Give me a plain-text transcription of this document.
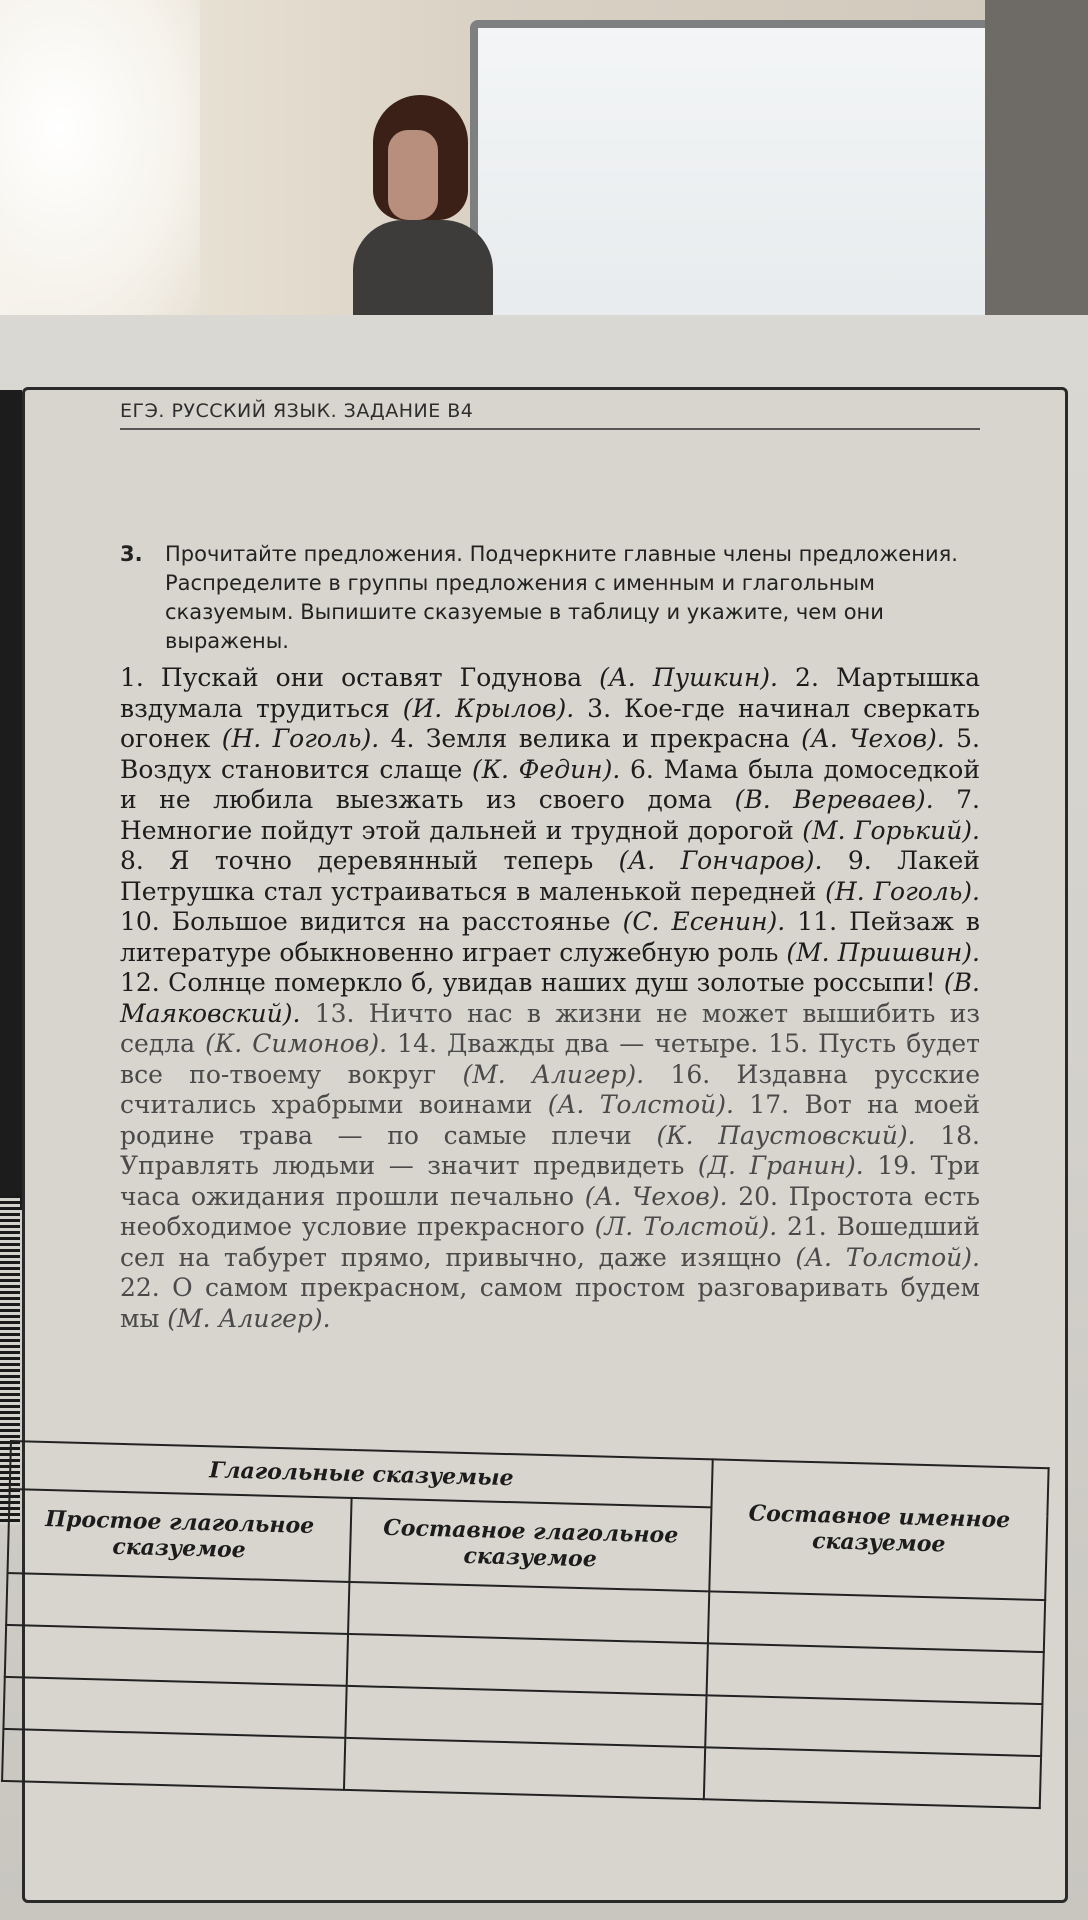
ЕГЭ. РУССКИЙ ЯЗЫК. ЗАДАНИЕ В4
3. Прочитайте предложения. Подчеркните главные члены предложения. Распределите в группы предложения с именным и глагольным сказуемым. Выпишите сказуемые в таблицу и укажите, чем они выражены.
1. Пускай они оставят Годунова (А. Пушкин). 2. Мартышка вздумала трудиться (И. Крылов). 3. Кое-где начинал сверкать огонек (Н. Гоголь). 4. Земля велика и прекрасна (А. Чехов). 5. Воздух становится слаще (К. Федин). 6. Мама была домоседкой и не любила выезжать из своего дома (В. Вереваев). 7. Немногие пойдут этой дальней и трудной дорогой (М. Горький). 8. Я точно деревянный теперь (А. Гончаров). 9. Лакей Петрушка стал устраиваться в маленькой передней (Н. Гоголь). 10. Большое видится на расстоянье (С. Есенин). 11. Пейзаж в литературе обыкновенно играет служебную роль (М. Пришвин). 12. Солнце померкло б, увидав наших душ золотые россыпи! (В. Маяковский). 13. Ничто нас в жизни не может вышибить из седла (К. Симонов). 14. Дважды два — четыре. 15. Пусть будет все по-твоему вокруг (М. Алигер). 16. Издавна русские считались храбрыми воинами (А. Толстой). 17. Вот на моей родине трава — по самые плечи (К. Паустовский). 18. Управлять людьми — значит предвидеть (Д. Гранин). 19. Три часа ожидания прошли печально (А. Чехов). 20. Простота есть необходимое условие прекрасного (Л. Толстой). 21. Вошедший сел на табурет прямо, привычно, даже изящно (А. Толстой). 22. О самом прекрасном, самом простом разговаривать будем мы (М. Алигер).
Глагольные сказуемые		Составное именное сказуемое
Простое глагольное сказуемое	Составное глагольное сказуемое	
